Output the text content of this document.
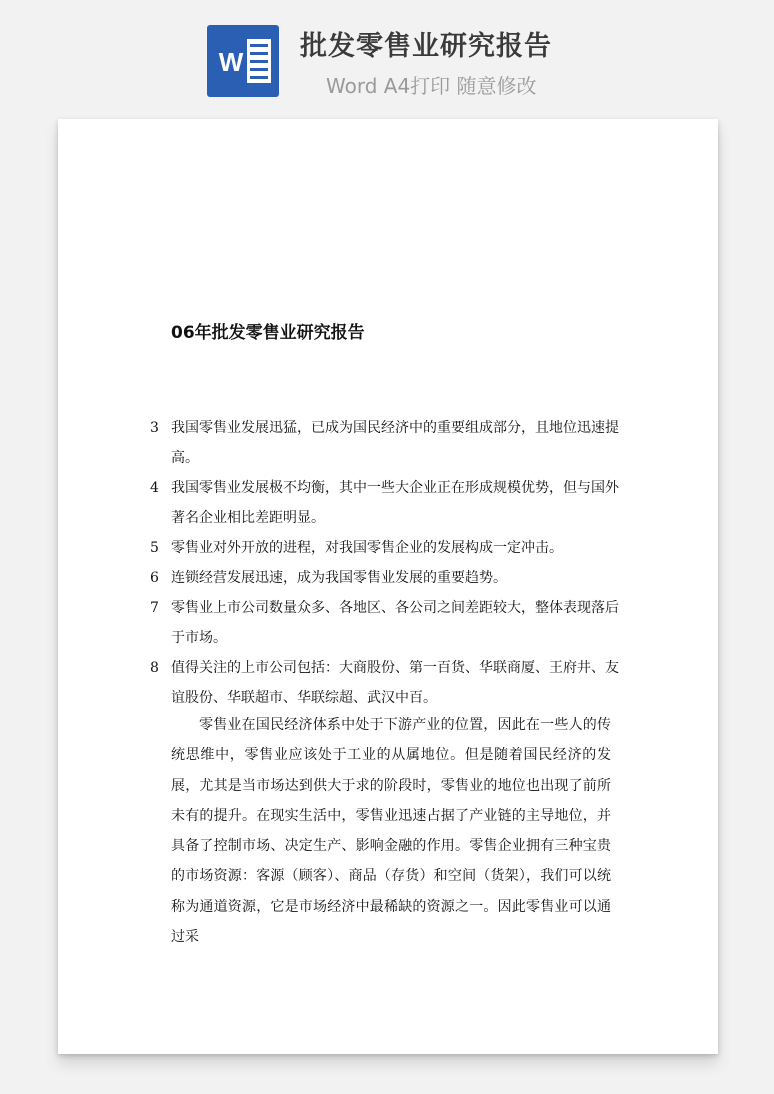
W 批发零售业研究报告
Word A4打印 随意修改
06年批发零售业研究报告
3 我国零售业发展迅猛，已成为国民经济中的重要组成部分，且地位迅速提高。
4 我国零售业发展极不均衡，其中一些大企业正在形成规模优势，但与国外著名企业相比差距明显。
5 零售业对外开放的进程，对我国零售企业的发展构成一定冲击。
6 连锁经营发展迅速，成为我国零售业发展的重要趋势。
7 零售业上市公司数量众多、各地区、各公司之间差距较大，整体表现落后于市场。
8 值得关注的上市公司包括：大商股份、第一百货、华联商厦、王府井、友谊股份、华联超市、华联综超、武汉中百。

零售业在国民经济体系中处于下游产业的位置，因此在一些人的传统思维中，零售业应该处于工业的从属地位。但是随着国民经济的发展，尤其是当市场达到供大于求的阶段时，零售业的地位也出现了前所未有的提升。在现实生活中，零售业迅速占据了产业链的主导地位，并具备了控制市场、决定生产、影响金融的作用。零售企业拥有三种宝贵的市场资源：客源（顾客）、商品（存货）和空间（货架），我们可以统称为通道资源，它是市场经济中最稀缺的资源之一。因此零售业可以通过采
